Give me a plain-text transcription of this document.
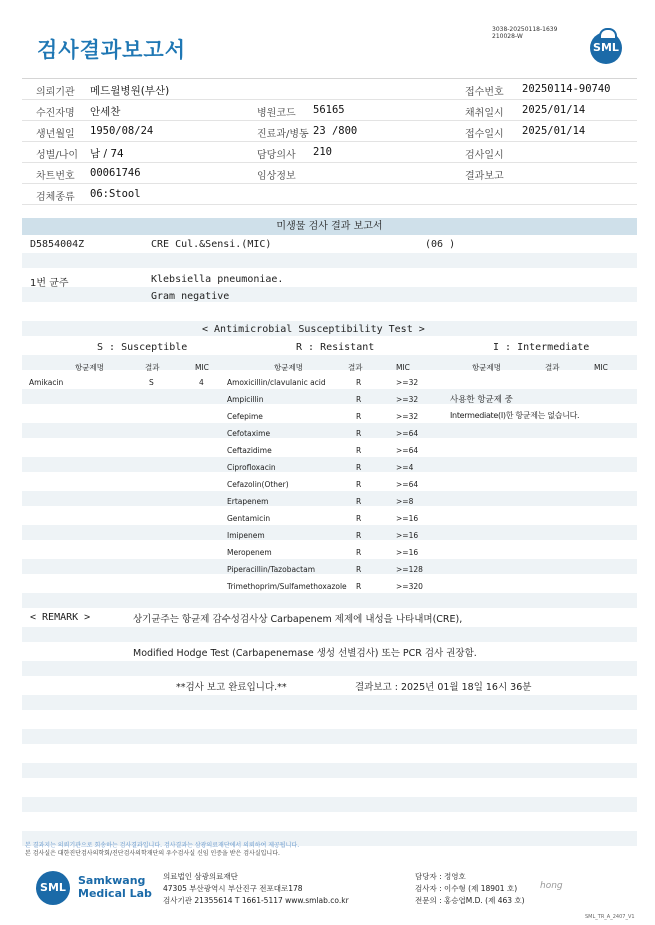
검사결과보고서
3038-20250118-1639
210028-W
SML
의뢰기관 메드윌병원(부산)	접수번호 20250114-90740
수진자명 안세찬	병원코드 56165	채취일시 2025/01/14
생년월일 1950/08/24	진료과/병동 23 /800	접수일시 2025/01/14
성별/나이 남 / 74	담당의사 210	검사일시
차트번호 00061746	임상정보	결과보고
검체종류 06:Stool
미생물 검사 결과 보고서
D5854004Z	CRE Cul.&Sensi.(MIC)	(06 )
1번 균주	Klebsiella pneumoniae.
Gram negative
< Antimicrobial Susceptibility Test >
S : Susceptible	R : Resistant	I : Intermediate
항균제명	결과	MIC	항균제명	결과	MIC	항균제명	결과	MIC
Amikacin	S	4	Amoxicillin/clavulanic acid	R	>=32
Ampicillin	R	>=32
Cefepime	R	>=32
Cefotaxime	R	>=64
Ceftazidime	R	>=64
Ciprofloxacin	R	>=4
Cefazolin(Other)	R	>=64
Ertapenem	R	>=8
Gentamicin	R	>=16
Imipenem	R	>=16
Meropenem	R	>=16
Piperacillin/Tazobactam	R	>=128
Trimethoprim/Sulfamethoxazole R	>=320
사용한 항균제 중
Intermediate(I)한 항균제는 없습니다.
< REMARK >	상기균주는 항균제 감수성검사상 Carbapenem 제제에 내성을 나타내며(CRE),
Modified Hodge Test (Carbapenemase 생성 선별검사) 또는 PCR 검사 권장함.
**검사 보고 완료입니다.**	결과보고 : 2025년 01월 18일 16시 36분
본 결과지는 의뢰기관으로 회송하는 검사결과입니다. 검사결과는 삼광의료재단에서 의뢰하여 제공됩니다.
본 검사실은 대한진단검사의학회/진단검사의학재단의 우수검사실 신임 인증을 받은 검사실입니다.
SML
Samkwang
Medical Lab
의료법인 삼광의료재단
47305 부산광역시 부산진구 전포대로178
검사기관 21355614 T 1661-5117 www.smlab.co.kr
담당자 : 정영호
검사자 : 이수형 (제 18901 호)
전문의 : 홍승엽M.D. (제 463 호)
hong
SML_TR_A_2407_V1
